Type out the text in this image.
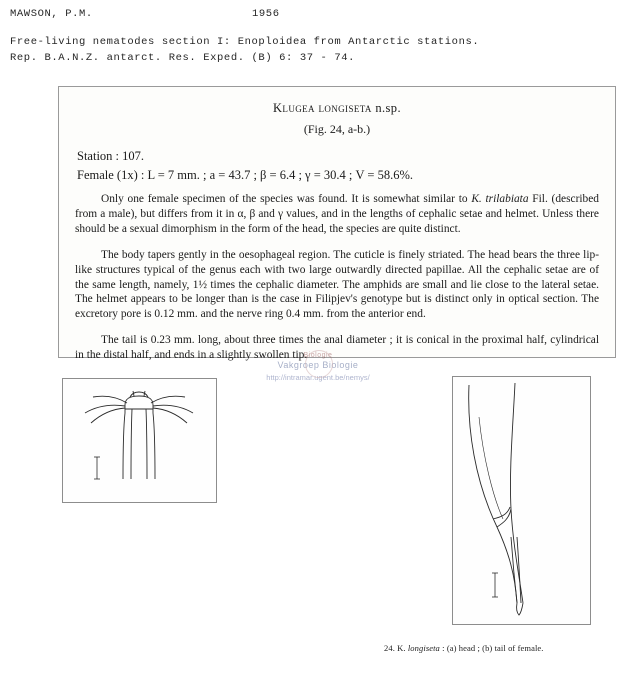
MAWSON, P.M.	1956
Free-living nematodes section I: Enoploidea from Antarctic stations.
Rep. B.A.N.Z. antarct. Res. Exped. (B) 6: 37 - 74.
Klugea longiseta n.sp.
(Fig. 24, a-b.)
Station : 107.
Female (1x) : L = 7 mm. ; a = 43.7 ; β = 6.4 ; γ = 30.4 ; V = 58.6%.

Only one female specimen of the species was found. It is somewhat similar to K. trilabiata Fil. (described from a male), but differs from it in α, β and γ values, and in the lengths of cephalic setae and helmet. Unless there should be a sexual dimorphism in the form of the head, the species are quite distinct.

The body tapers gently in the oesophageal region. The cuticle is finely striated. The head bears the three lip-like structures typical of the genus each with two large outwardly directed papillae. All the cephalic setae are of the same length, namely, 1½ times the cephalic diameter. The amphids are small and lie close to the lateral setae. The helmet appears to be longer than is the case in Filipjev's genotype but is distinct only in optical section. The excretory pore is 0.12 mm. and the nerve ring 0.4 mm. from the anterior end.

The tail is 0.23 mm. long, about three times the anal diameter ; it is conical in the proximal half, cylindrical in the distal half, and ends in a slightly swollen tip.

Biologie
Vakgroep Biologie
http://intramar.ugent.be/nemys/
24. K. longiseta : (a) head ; (b) tail of female.
